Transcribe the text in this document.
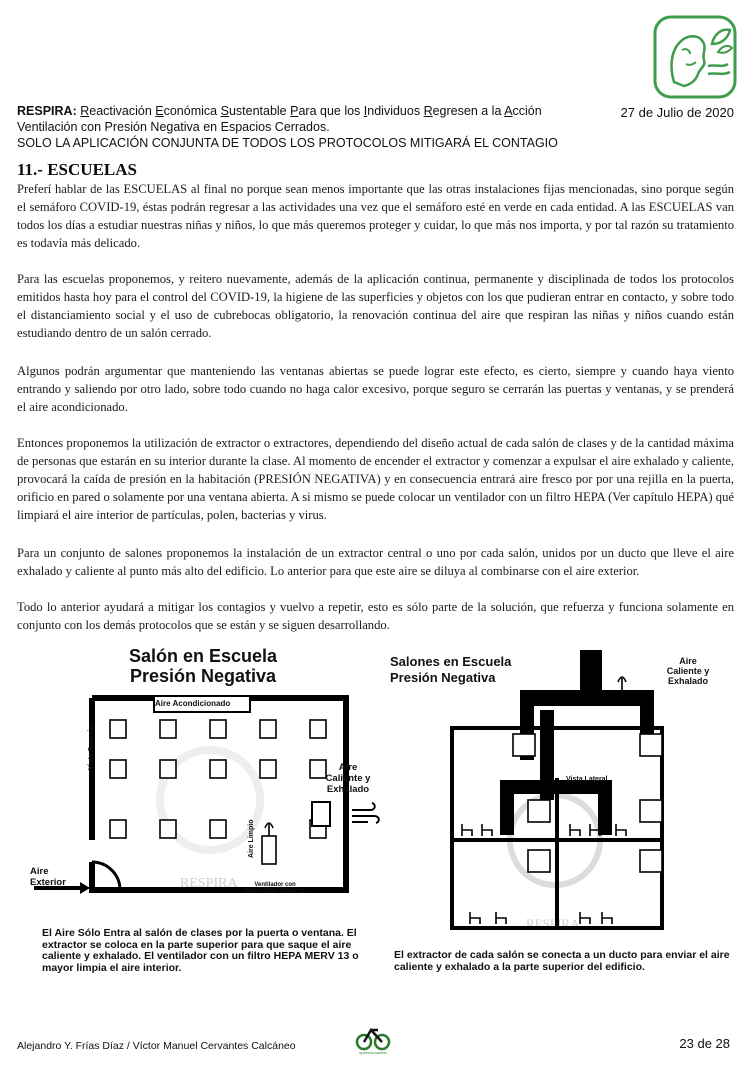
RESPIRA: Reactivación Económica Sustentable Para que los Individuos Regresen a la Acción	27 de Julio de 2020
Ventilación con Presión Negativa en Espacios Cerrados.
SOLO LA APLICACIÓN CONJUNTA DE TODOS LOS PROTOCOLOS MITIGARÁ EL CONTAGIO
11.- ESCUELAS
Preferí hablar de las ESCUELAS al final no porque sean menos importante que las otras instalaciones fijas mencionadas, sino porque según el semáforo COVID-19, éstas podrán regresar a las actividades una vez que el semáforo esté en verde en cada entidad. A las ESCUELAS van todos los días a estudiar nuestras niñas y niños, lo que más queremos proteger y cuidar, lo que más nos importa, y por tal razón su tratamiento es todavía más delicado.
Para las escuelas proponemos, y reitero nuevamente, además de la aplicación continua, permanente y disciplinada de todos los protocolos emitidos hasta hoy para el control del COVID-19, la higiene de las superficies y objetos con los que pudieran entrar en contacto, y sobre todo el distanciamiento social y el uso de cubrebocas obligatorio, la renovación continua del aire que respiran las niñas y niños cuando están estudiando dentro de un salón cerrado.
Algunos podrán argumentar que manteniendo las ventanas abiertas se puede lograr este efecto, es cierto, siempre y cuando haya viento entrando y saliendo por otro lado, sobre todo cuando no haga calor excesivo, porque seguro se cerrarán las puertas y ventanas, y se prenderá el aire acondicionado.
Entonces proponemos la utilización de extractor o extractores, dependiendo del diseño actual de cada salón de clases y de la cantidad máxima de personas que estarán en su interior durante la clase. Al momento de encender el extractor y comenzar a expulsar el aire exhalado y caliente, provocará la caída de presión en la habitación (PRESIÓN NEGATIVA) y en consecuencia entrará aire fresco por por una rejilla en la puerta, orificio en pared o solamente por una ventana abierta. A si mismo se puede colocar un ventilador con un filtro HEPA (Ver capítulo HEPA) qué limpiará el aire interior de partículas, polen, bacterias y virus.
Para un conjunto de salones proponemos la instalación de un extractor central o uno por cada salón, unidos por un ducto que lleve el aire exhalado y caliente al punto más alto del edificio. Lo anterior para que este aire se diluya al combinarse con el aire exterior.
Todo lo anterior ayudará a mitigar los contagios y vuelvo a repetir, esto es sólo parte de la solución, que refuerza y funciona solamente en conjunto con los demás protocolos que se están y se siguen desarrollando.
Salón en Escuela
Presión Negativa
RESPIRA
Aire Acondicionado
Vista Superior	Aire
Caliente y
Exhalado
Aire Limpio
Aire
Exterior	Ventilador con
Filtro HEPA MERV 13
El Aire Sólo Entra al salón de clases por la puerta o ventana. El extractor se coloca en la parte superior para que saque el aire caliente y exhalado. El ventilador con un filtro HEPA MERV 13 o mayor limpia el aire interior.
Salones en Escuela
Presión Negativa
RESPIRA
Aire
Caliente y
Exhalado
Vista Lateral
El extractor de cada salón se conecta a un ducto para enviar el aire caliente y exhalado a la parte superior del edificio.
Alejandro Y. Frías Díaz / Víctor Manuel Cervantes Calcáneo
quitensecacielo
23 de 28
